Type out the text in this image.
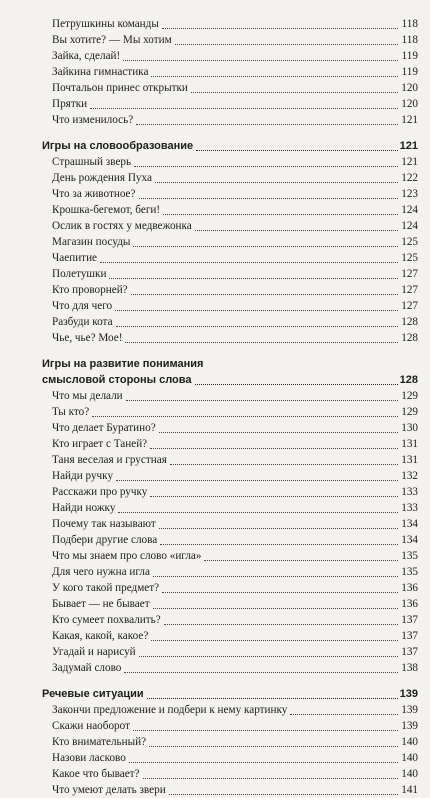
Петрушкины команды	118
Вы хотите? — Мы хотим	118
Зайка, сделай!	119
Зайкина гимнастика	119
Почтальон принес открытки	120
Прятки	120
Что изменилось?	121
Игры на словообразование	121
Страшный зверь	121
День рождения Пуха	122
Что за животное?	123
Крошка-бегемот, беги!	124
Ослик в гостях у медвежонка	124
Магазин посуды	125
Чаепитие	125
Полетушки	127
Кто проворней?	127
Что для чего	127
Разбуди кота	128
Чье, чье? Мое!	128
Игры на развитие понимания
смысловой стороны слова	128
Что мы делали	129
Ты кто?	129
Что делает Буратино?	130
Кто играет с Таней?	131
Таня веселая и грустная	131
Найди ручку	132
Расскажи про ручку	133
Найди ножку	133
Почему так называют	134
Подбери другие слова	134
Что мы знаем про слово «игла»	135
Для чего нужна игла	135
У кого такой предмет?	136
Бывает — не бывает	136
Кто сумеет похвалить?	137
Какая, какой, какое?	137
Угадай и нарисуй	137
Задумай слово	138
Речевые ситуации	139
Закончи предложение и подбери к нему картинку	139
Скажи наоборот	139
Кто внимательный?	140
Назови ласково	140
Какое что бывает?	140
Что умеют делать звери	141
